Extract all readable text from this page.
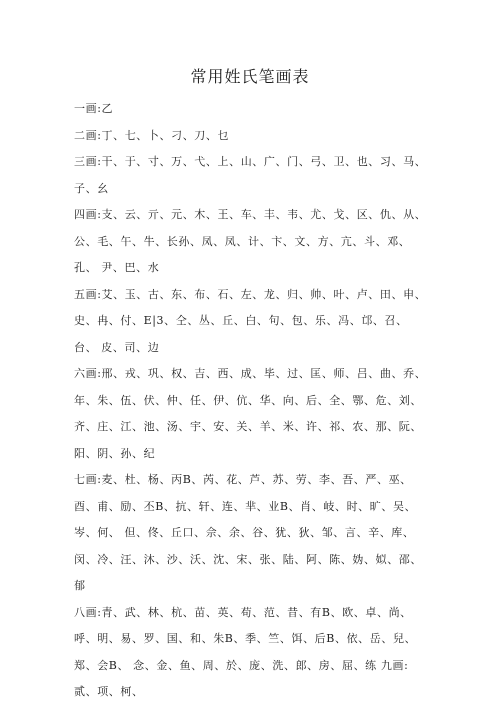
常用姓氏笔画表
一画:乙
二画:丁、七、卜、刁、刀、乜
三画:干、于、寸、万、弋、上、山、广、门、弓、卫、也、习、马、 子、幺
四画:支、云、亓、元、木、王、车、丰、韦、尤、戈、区、仇、从、 公、毛、午、牛、长孙、凤、凤、计、卞、文、方、亢、斗、邓、孔、 尹、巴、水
五画:艾、玉、古、东、布、石、左、龙、归、帅、叶、卢、田、申、 史、冉、付、E|3、仝、丛、丘、白、句、包、乐、冯、邙、召、台、 皮、司、边
六画:邢、戎、巩、权、吉、西、成、毕、过、匡、师、吕、曲、乔、 年、朱、伍、伏、仲、任、伊、伉、华、向、后、全、鄂、危、刘、 齐、庄、江、池、汤、宇、安、关、羊、米、许、祁、农、那、阮、 阳、阴、孙、纪
七画:麦、杜、杨、丙B、芮、花、芦、苏、劳、李、吾、严、巫、酉、甫、励、丕B、抗、轩、连、芈、业B、肖、岐、时、旷、吴、岑、何、 但、佟、丘口、佘、余、谷、犹、狄、邹、言、辛、库、闵、冷、汪、沐、沙、沃、沈、宋、张、陆、阿、陈、妫、姒、邵、郁
八画:青、武、林、杭、苗、英、苟、范、昔、有B、欧、卓、尚、呼、明、易、罗、国、和、朱B、季、竺、饵、后B、依、岳、兒、郑、会B、 念、金、鱼、周、於、庞、洗、郎、房、屈、练 九画:贰、项、柯、
